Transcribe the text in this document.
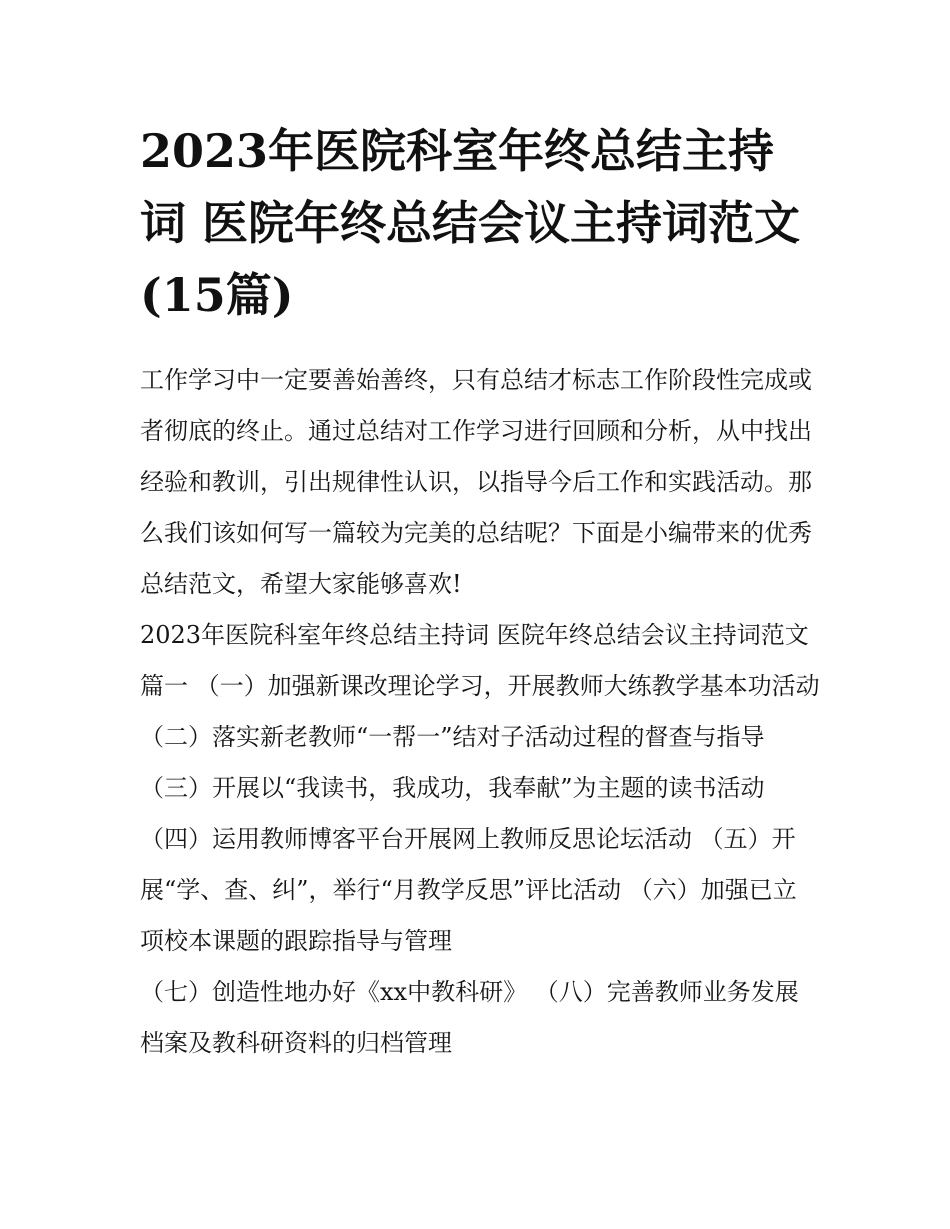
2023年医院科室年终总结主持词 医院年终总结会议主持词范文(15篇)

工作学习中一定要善始善终，只有总结才标志工作阶段性完成或者彻底的终止。通过总结对工作学习进行回顾和分析，从中找出经验和教训，引出规律性认识，以指导今后工作和实践活动。那么我们该如何写一篇较为完美的总结呢？下面是小编带来的优秀总结范文，希望大家能够喜欢!

2023年医院科室年终总结主持词 医院年终总结会议主持词范文篇一 （一）加强新课改理论学习，开展教师大练教学基本功活动

（二）落实新老教师“一帮一”结对子活动过程的督查与指导

（三）开展以“我读书，我成功，我奉献”为主题的读书活动

（四）运用教师博客平台开展网上教师反思论坛活动 （五）开展“学、查、纠”，举行“月教学反思”评比活动 （六）加强已立项校本课题的跟踪指导与管理

（七）创造性地办好《xx中教科研》 （八）完善教师业务发展档案及教科研资料的归档管理
